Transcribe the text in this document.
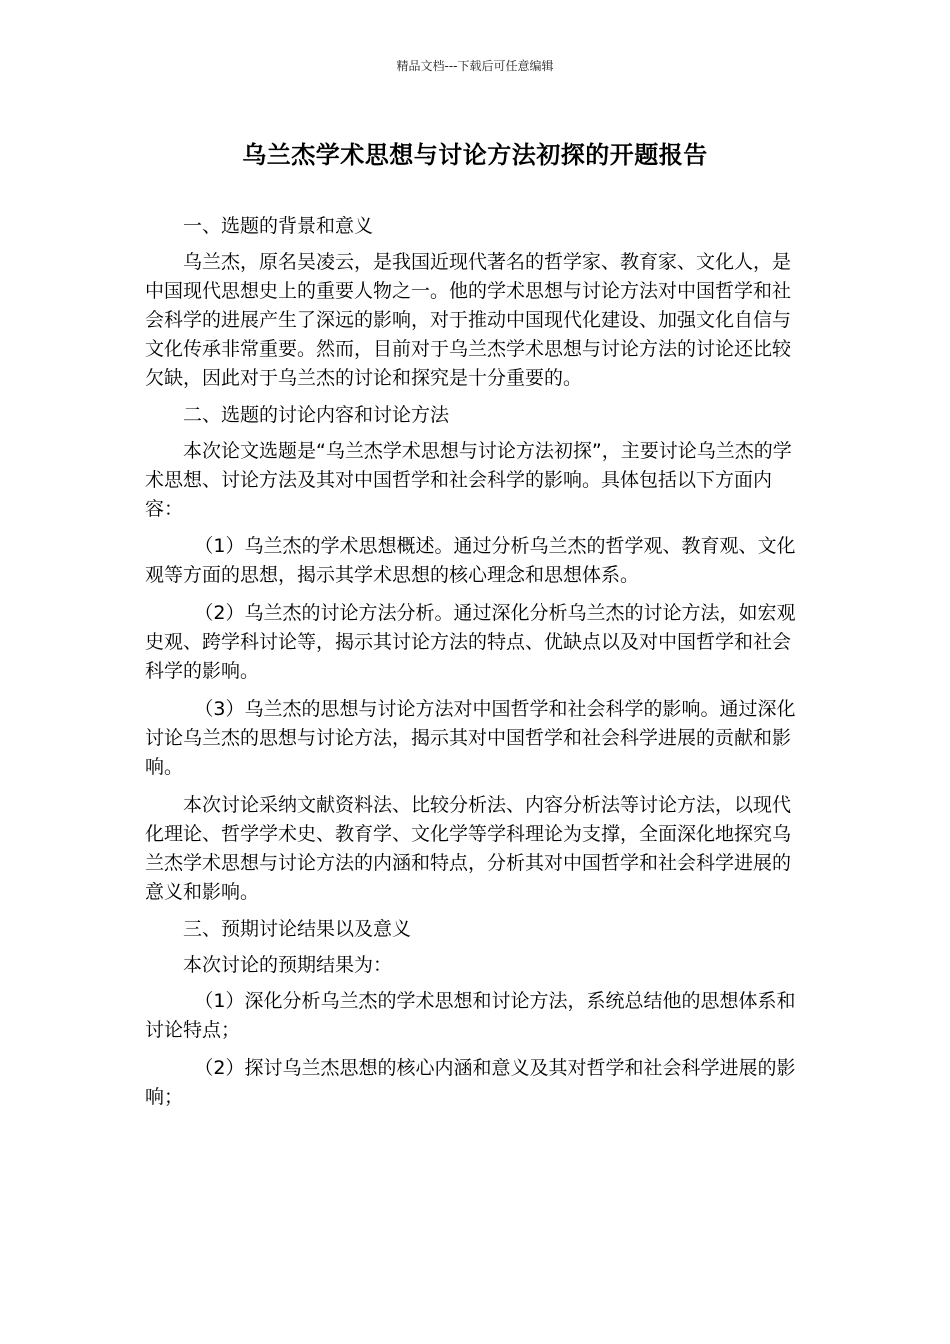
精品文档---下载后可任意编辑
乌兰杰学术思想与讨论方法初探的开题报告

一、选题的背景和意义

乌兰杰，原名吴凌云，是我国近现代著名的哲学家、教育家、文化人，是中国现代思想史上的重要人物之一。他的学术思想与讨论方法对中国哲学和社会科学的进展产生了深远的影响，对于推动中国现代化建设、加强文化自信与文化传承非常重要。然而，目前对于乌兰杰学术思想与讨论方法的讨论还比较欠缺，因此对于乌兰杰的讨论和探究是十分重要的。

二、选题的讨论内容和讨论方法

本次论文选题是“乌兰杰学术思想与讨论方法初探”，主要讨论乌兰杰的学术思想、讨论方法及其对中国哲学和社会科学的影响。具体包括以下方面内容：

（1）乌兰杰的学术思想概述。通过分析乌兰杰的哲学观、教育观、文化观等方面的思想，揭示其学术思想的核心理念和思想体系。

（2）乌兰杰的讨论方法分析。通过深化分析乌兰杰的讨论方法，如宏观史观、跨学科讨论等，揭示其讨论方法的特点、优缺点以及对中国哲学和社会科学的影响。

（3）乌兰杰的思想与讨论方法对中国哲学和社会科学的影响。通过深化讨论乌兰杰的思想与讨论方法，揭示其对中国哲学和社会科学进展的贡献和影响。

本次讨论采纳文献资料法、比较分析法、内容分析法等讨论方法，以现代化理论、哲学学术史、教育学、文化学等学科理论为支撑，全面深化地探究乌兰杰学术思想与讨论方法的内涵和特点，分析其对中国哲学和社会科学进展的意义和影响。

三、预期讨论结果以及意义

本次讨论的预期结果为：

（1）深化分析乌兰杰的学术思想和讨论方法，系统总结他的思想体系和讨论特点；

（2）探讨乌兰杰思想的核心内涵和意义及其对哲学和社会科学进展的影响；
